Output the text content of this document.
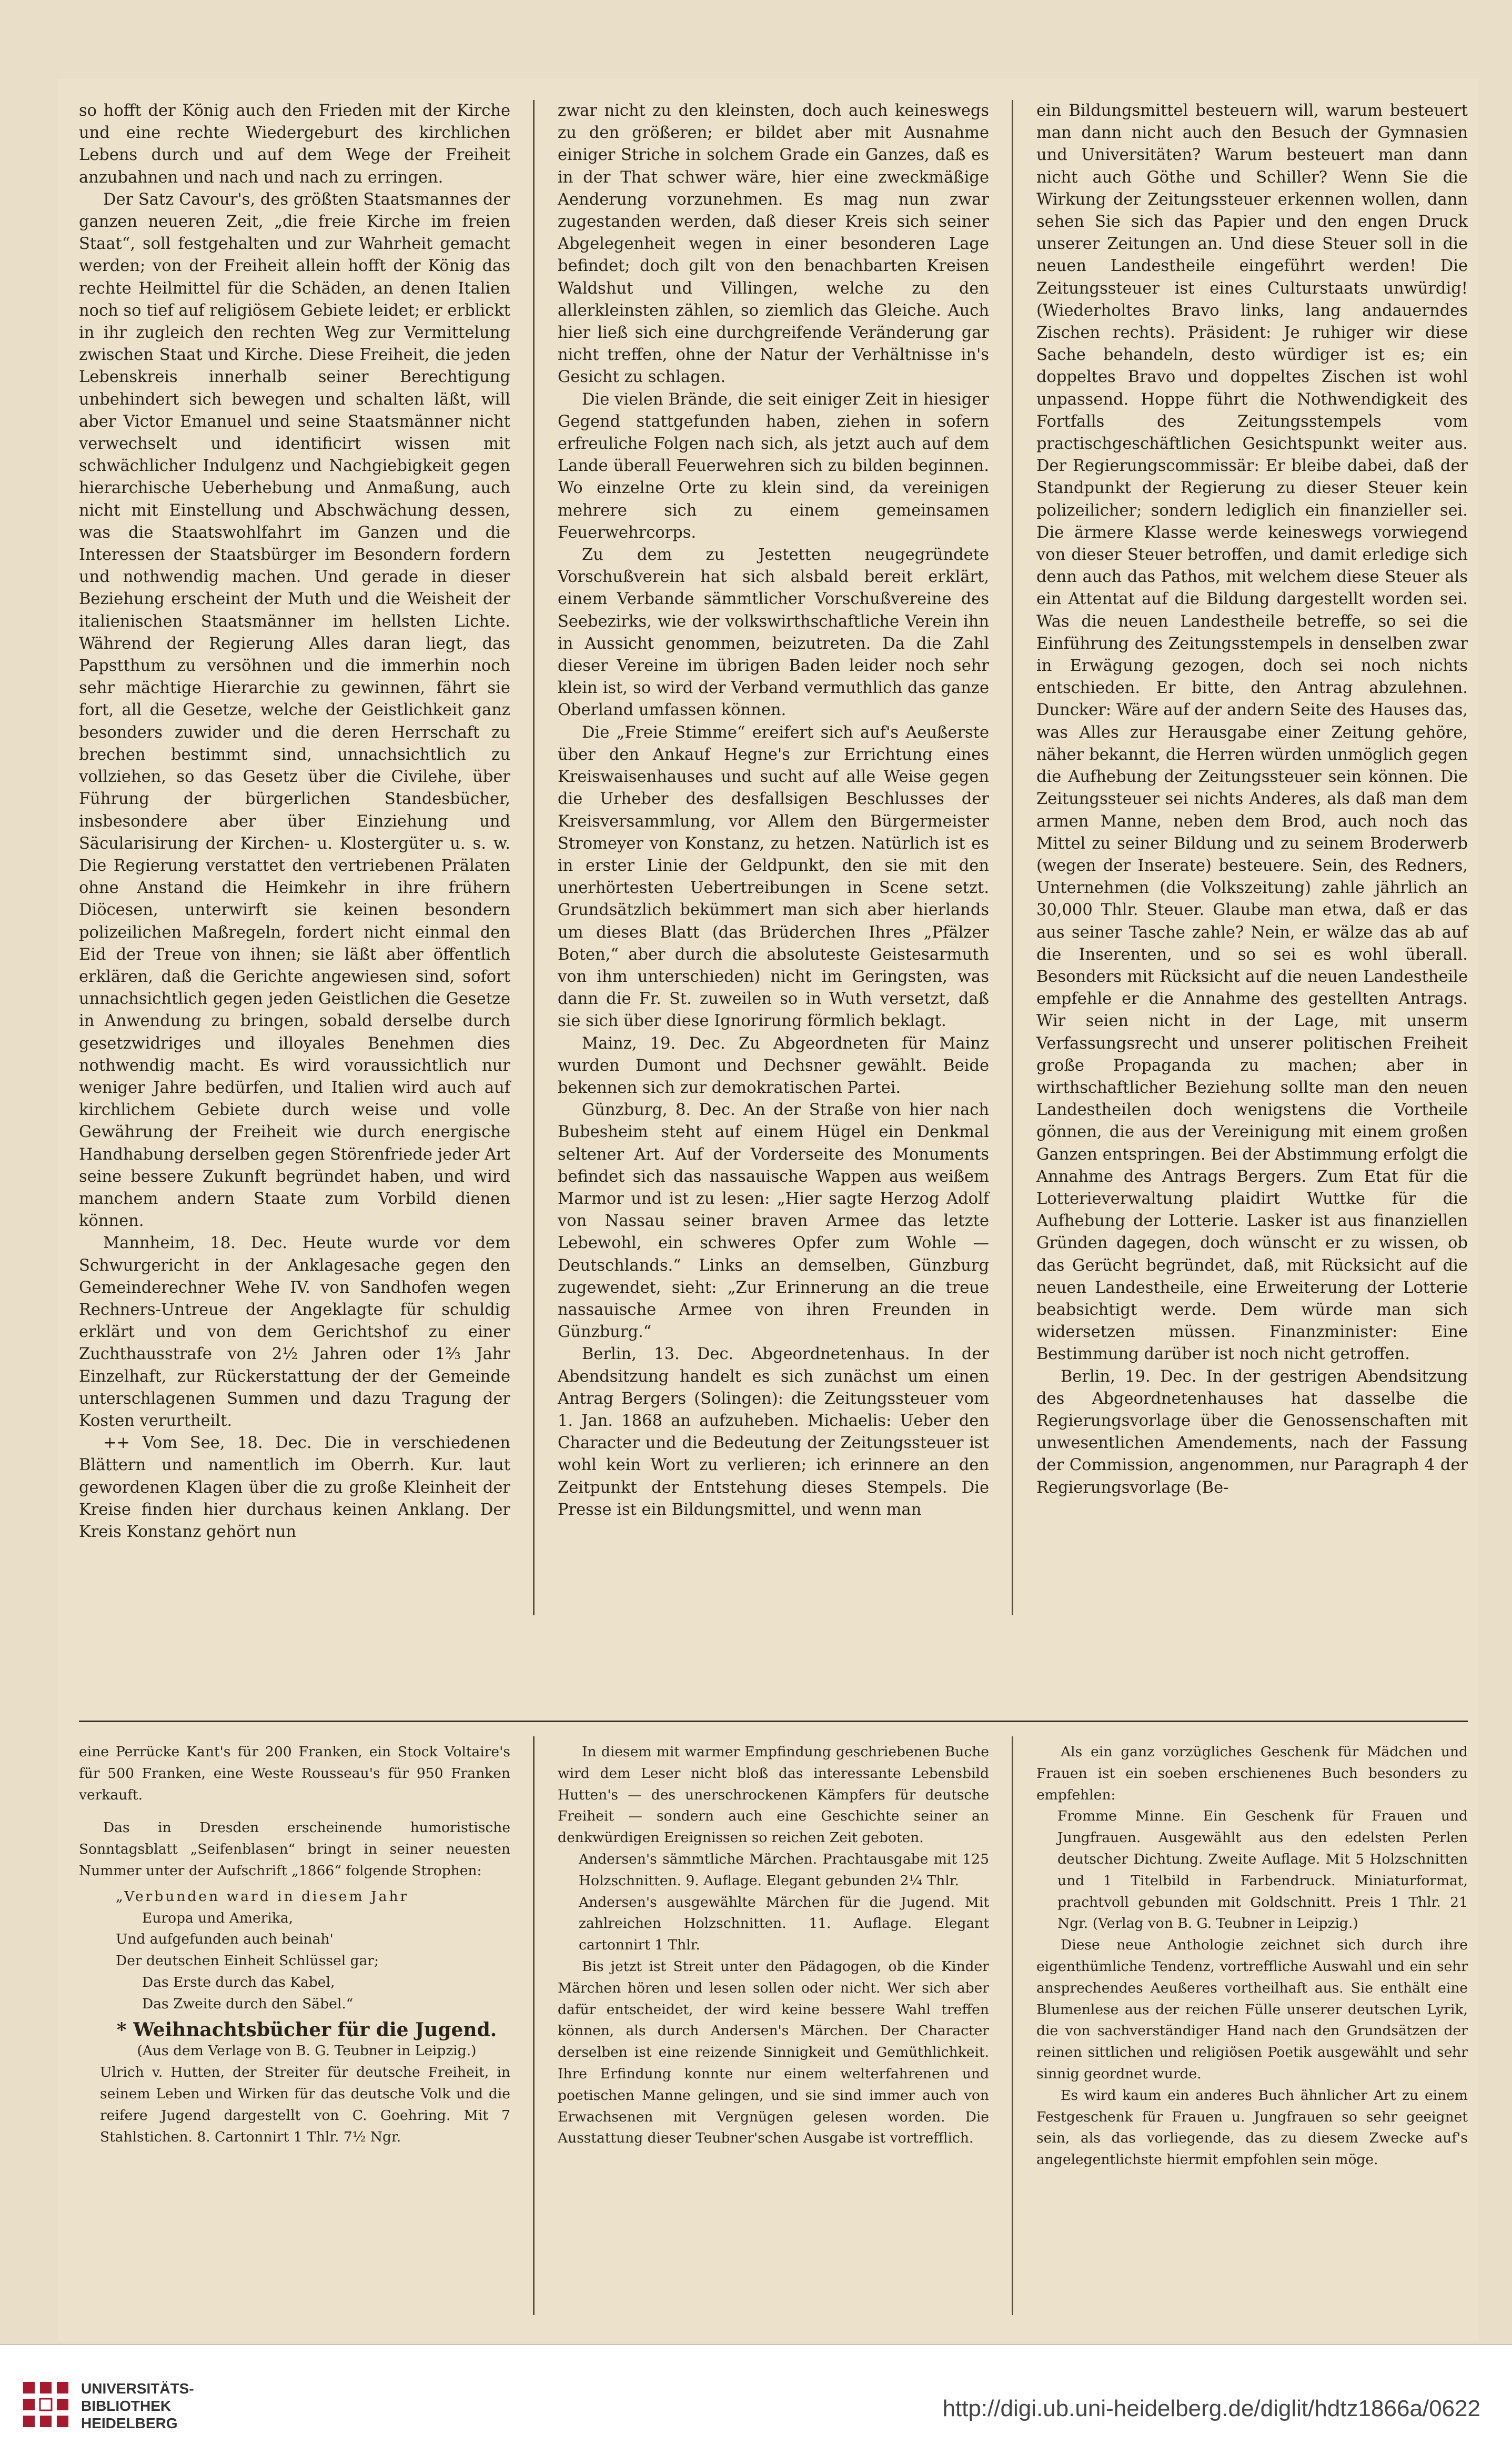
so hofft der König auch den Frieden mit der Kirche und eine rechte Wiedergeburt des kirchlichen Lebens durch und auf dem Wege der Freiheit anzubahnen und nach und nach zu erringen.

Der Satz Cavour's, des größten Staatsmannes der ganzen neueren Zeit, „die freie Kirche im freien Staat“, soll festgehalten und zur Wahrheit gemacht werden; von der Freiheit allein hofft der König das rechte Heilmittel für die Schäden, an denen Italien noch so tief auf religiösem Gebiete leidet; er erblickt in ihr zugleich den rechten Weg zur Vermittelung zwischen Staat und Kirche. Diese Freiheit, die jeden Lebenskreis innerhalb seiner Berechtigung unbehindert sich bewegen und schalten läßt, will aber Victor Emanuel und seine Staatsmänner nicht verwechselt und identificirt wissen mit schwächlicher Indulgenz und Nachgiebigkeit gegen hierarchische Ueberhebung und Anmaßung, auch nicht mit Einstellung und Abschwächung dessen, was die Staatswohlfahrt im Ganzen und die Interessen der Staatsbürger im Besondern fordern und nothwendig machen. Und gerade in dieser Beziehung erscheint der Muth und die Weisheit der italienischen Staatsmänner im hellsten Lichte. Während der Regierung Alles daran liegt, das Papstthum zu versöhnen und die immerhin noch sehr mächtige Hierarchie zu gewinnen, fährt sie fort, all die Gesetze, welche der Geistlichkeit ganz besonders zuwider und die deren Herrschaft zu brechen bestimmt sind, unnachsichtlich zu vollziehen, so das Gesetz über die Civilehe, über Führung der bürgerlichen Standesbücher, insbesondere aber über Einziehung und Säcularisirung der Kirchen- u. Klostergüter u. s. w. Die Regierung verstattet den vertriebenen Prälaten ohne Anstand die Heimkehr in ihre frühern Diöcesen, unterwirft sie keinen besondern polizeilichen Maßregeln, fordert nicht einmal den Eid der Treue von ihnen; sie läßt aber öffentlich erklären, daß die Gerichte angewiesen sind, sofort unnachsichtlich gegen jeden Geistlichen die Gesetze in Anwendung zu bringen, sobald derselbe durch gesetzwidriges und illoyales Benehmen dies nothwendig macht. Es wird voraussichtlich nur weniger Jahre bedürfen, und Italien wird auch auf kirchlichem Gebiete durch weise und volle Gewährung der Freiheit wie durch energische Handhabung derselben gegen Störenfriede jeder Art seine bessere Zukunft begründet haben, und wird manchem andern Staate zum Vorbild dienen können.

Mannheim, 18. Dec. Heute wurde vor dem Schwurgericht in der Anklagesache gegen den Gemeinderechner Wehe IV. von Sandhofen wegen Rechners-Untreue der Angeklagte für schuldig erklärt und von dem Gerichtshof zu einer Zuchthausstrafe von 2½ Jahren oder 1⅔ Jahr Einzelhaft, zur Rückerstattung der der Gemeinde unterschlagenen Summen und dazu Tragung der Kosten verurtheilt.

++ Vom See, 18. Dec. Die in verschiedenen Blättern und namentlich im Oberrh. Kur. laut gewordenen Klagen über die zu große Kleinheit der Kreise finden hier durchaus keinen Anklang. Der Kreis Konstanz gehört nun

zwar nicht zu den kleinsten, doch auch keineswegs zu den größeren; er bildet aber mit Ausnahme einiger Striche in solchem Grade ein Ganzes, daß es in der That schwer wäre, hier eine zweckmäßige Aenderung vorzunehmen. Es mag nun zwar zugestanden werden, daß dieser Kreis sich seiner Abgelegenheit wegen in einer besonderen Lage befindet; doch gilt von den benachbarten Kreisen Waldshut und Villingen, welche zu den allerkleinsten zählen, so ziemlich das Gleiche. Auch hier ließ sich eine durchgreifende Veränderung gar nicht treffen, ohne der Natur der Verhältnisse in's Gesicht zu schlagen.

Die vielen Brände, die seit einiger Zeit in hiesiger Gegend stattgefunden haben, ziehen in sofern erfreuliche Folgen nach sich, als jetzt auch auf dem Lande überall Feuerwehren sich zu bilden beginnen. Wo einzelne Orte zu klein sind, da vereinigen mehrere sich zu einem gemeinsamen Feuerwehrcorps.

Zu dem zu Jestetten neugegründete Vorschußverein hat sich alsbald bereit erklärt, einem Verbande sämmtlicher Vorschußvereine des Seebezirks, wie der volkswirthschaftliche Verein ihn in Aussicht genommen, beizutreten. Da die Zahl dieser Vereine im übrigen Baden leider noch sehr klein ist, so wird der Verband vermuthlich das ganze Oberland umfassen können.

Die „Freie Stimme“ ereifert sich auf's Aeußerste über den Ankauf Hegne's zur Errichtung eines Kreiswaisenhauses und sucht auf alle Weise gegen die Urheber des desfallsigen Beschlusses der Kreisversammlung, vor Allem den Bürgermeister Stromeyer von Konstanz, zu hetzen. Natürlich ist es in erster Linie der Geldpunkt, den sie mit den unerhörtesten Uebertreibungen in Scene setzt. Grundsätzlich bekümmert man sich aber hierlands um dieses Blatt (das Brüderchen Ihres „Pfälzer Boten,“ aber durch die absoluteste Geistesarmuth von ihm unterschieden) nicht im Geringsten, was dann die Fr. St. zuweilen so in Wuth versetzt, daß sie sich über diese Ignorirung förmlich beklagt.

Mainz, 19. Dec. Zu Abgeordneten für Mainz wurden Dumont und Dechsner gewählt. Beide bekennen sich zur demokratischen Partei.

Günzburg, 8. Dec. An der Straße von hier nach Bubesheim steht auf einem Hügel ein Denkmal seltener Art. Auf der Vorderseite des Monuments befindet sich das nassauische Wappen aus weißem Marmor und ist zu lesen: „Hier sagte Herzog Adolf von Nassau seiner braven Armee das letzte Lebewohl, ein schweres Opfer zum Wohle — Deutschlands.“ Links an demselben, Günzburg zugewendet, sieht: „Zur Erinnerung an die treue nassauische Armee von ihren Freunden in Günzburg.“

Berlin, 13. Dec. Abgeordnetenhaus. In der Abendsitzung handelt es sich zunächst um einen Antrag Bergers (Solingen): die Zeitungssteuer vom 1. Jan. 1868 an aufzuheben. Michaelis: Ueber den Character und die Bedeutung der Zeitungssteuer ist wohl kein Wort zu verlieren; ich erinnere an den Zeitpunkt der Entstehung dieses Stempels. Die Presse ist ein Bildungsmittel, und wenn man

ein Bildungsmittel besteuern will, warum besteuert man dann nicht auch den Besuch der Gymnasien und Universitäten? Warum besteuert man dann nicht auch Göthe und Schiller? Wenn Sie die Wirkung der Zeitungssteuer erkennen wollen, dann sehen Sie sich das Papier und den engen Druck unserer Zeitungen an. Und diese Steuer soll in die neuen Landestheile eingeführt werden! Die Zeitungssteuer ist eines Culturstaats unwürdig! (Wiederholtes Bravo links, lang andauerndes Zischen rechts). Präsident: Je ruhiger wir diese Sache behandeln, desto würdiger ist es; ein doppeltes Bravo und doppeltes Zischen ist wohl unpassend. Hoppe führt die Nothwendigkeit des Fortfalls des Zeitungsstempels vom practischgeschäftlichen Gesichtspunkt weiter aus. Der Regierungscommissär: Er bleibe dabei, daß der Standpunkt der Regierung zu dieser Steuer kein polizeilicher; sondern lediglich ein finanzieller sei. Die ärmere Klasse werde keineswegs vorwiegend von dieser Steuer betroffen, und damit erledige sich denn auch das Pathos, mit welchem diese Steuer als ein Attentat auf die Bildung dargestellt worden sei. Was die neuen Landestheile betreffe, so sei die Einführung des Zeitungsstempels in denselben zwar in Erwägung gezogen, doch sei noch nichts entschieden. Er bitte, den Antrag abzulehnen. Duncker: Wäre auf der andern Seite des Hauses das, was Alles zur Herausgabe einer Zeitung gehöre, näher bekannt, die Herren würden unmöglich gegen die Aufhebung der Zeitungssteuer sein können. Die Zeitungssteuer sei nichts Anderes, als daß man dem armen Manne, neben dem Brod, auch noch das Mittel zu seiner Bildung und zu seinem Broderwerb (wegen der Inserate) besteuere. Sein, des Redners, Unternehmen (die Volkszeitung) zahle jährlich an 30,000 Thlr. Steuer. Glaube man etwa, daß er das aus seiner Tasche zahle? Nein, er wälze das ab auf die Inserenten, und so sei es wohl überall. Besonders mit Rücksicht auf die neuen Landestheile empfehle er die Annahme des gestellten Antrags. Wir seien nicht in der Lage, mit unserm Verfassungsrecht und unserer politischen Freiheit große Propaganda zu machen; aber in wirthschaftlicher Beziehung sollte man den neuen Landestheilen doch wenigstens die Vortheile gönnen, die aus der Vereinigung mit einem großen Ganzen entspringen. Bei der Abstimmung erfolgt die Annahme des Antrags Bergers. Zum Etat für die Lotterieverwaltung plaidirt Wuttke für die Aufhebung der Lotterie. Lasker ist aus finanziellen Gründen dagegen, doch wünscht er zu wissen, ob das Gerücht begründet, daß, mit Rücksicht auf die neuen Landestheile, eine Erweiterung der Lotterie beabsichtigt werde. Dem würde man sich widersetzen müssen. Finanzminister: Eine Bestimmung darüber ist noch nicht getroffen.

Berlin, 19. Dec. In der gestrigen Abendsitzung des Abgeordnetenhauses hat dasselbe die Regierungsvorlage über die Genossenschaften mit unwesentlichen Amendements, nach der Fassung der Commission, angenommen, nur Paragraph 4 der Regierungsvorlage (Be-

eine Perrücke Kant's für 200 Franken, ein Stock Voltaire's für 500 Franken, eine Weste Rousseau's für 950 Franken verkauft.

Das in Dresden erscheinende humoristische Sonntagsblatt „Seifenblasen“ bringt in seiner neuesten Nummer unter der Aufschrift „1866“ folgende Strophen:

„Verbunden ward in diesem Jahr
Europa und Amerika,
Und aufgefunden auch beinah'
Der deutschen Einheit Schlüssel gar;
Das Erste durch das Kabel,
Das Zweite durch den Säbel.“

* Weihnachtsbücher für die Jugend.

(Aus dem Verlage von B. G. Teubner in Leipzig.)

Ulrich v. Hutten, der Streiter für deutsche Freiheit, in seinem Leben und Wirken für das deutsche Volk und die reifere Jugend dargestellt von C. Goehring. Mit 7 Stahlstichen. 8. Cartonnirt 1 Thlr. 7½ Ngr.

In diesem mit warmer Empfindung geschriebenen Buche wird dem Leser nicht bloß das interessante Lebensbild Hutten's — des unerschrockenen Kämpfers für deutsche Freiheit — sondern auch eine Geschichte seiner an denkwürdigen Ereignissen so reichen Zeit geboten.

Andersen's sämmtliche Märchen. Prachtausgabe mit 125 Holzschnitten. 9. Auflage. Elegant gebunden 2¼ Thlr.

Andersen's ausgewählte Märchen für die Jugend. Mit zahlreichen Holzschnitten. 11. Auflage. Elegant cartonnirt 1 Thlr.

Bis jetzt ist Streit unter den Pädagogen, ob die Kinder Märchen hören und lesen sollen oder nicht. Wer sich aber dafür entscheidet, der wird keine bessere Wahl treffen können, als durch Andersen's Märchen. Der Character derselben ist eine reizende Sinnigkeit und Gemüthlichkeit. Ihre Erfindung konnte nur einem welterfahrenen und poetischen Manne gelingen, und sie sind immer auch von Erwachsenen mit Vergnügen gelesen worden. Die Ausstattung dieser Teubner'schen Ausgabe ist vortrefflich.

Als ein ganz vorzügliches Geschenk für Mädchen und Frauen ist ein soeben erschienenes Buch besonders zu empfehlen:

Fromme Minne. Ein Geschenk für Frauen und Jungfrauen. Ausgewählt aus den edelsten Perlen deutscher Dichtung. Zweite Auflage. Mit 5 Holzschnitten und 1 Titelbild in Farbendruck. Miniaturformat, prachtvoll gebunden mit Goldschnitt. Preis 1 Thlr. 21 Ngr. (Verlag von B. G. Teubner in Leipzig.)

Diese neue Anthologie zeichnet sich durch ihre eigenthümliche Tendenz, vortreffliche Auswahl und ein sehr ansprechendes Aeußeres vortheilhaft aus. Sie enthält eine Blumenlese aus der reichen Fülle unserer deutschen Lyrik, die von sachverständiger Hand nach den Grundsätzen der reinen sittlichen und religiösen Poetik ausgewählt und sehr sinnig geordnet wurde.

Es wird kaum ein anderes Buch ähnlicher Art zu einem Festgeschenk für Frauen u. Jungfrauen so sehr geeignet sein, als das vorliegende, das zu diesem Zwecke auf's angelegentlichste hiermit empfohlen sein möge.

UNIVERSITÄTS-
BIBLIOTHEK
HEIDELBERG
http://digi.ub.uni-heidelberg.de/diglit/hdtz1866a/0622
